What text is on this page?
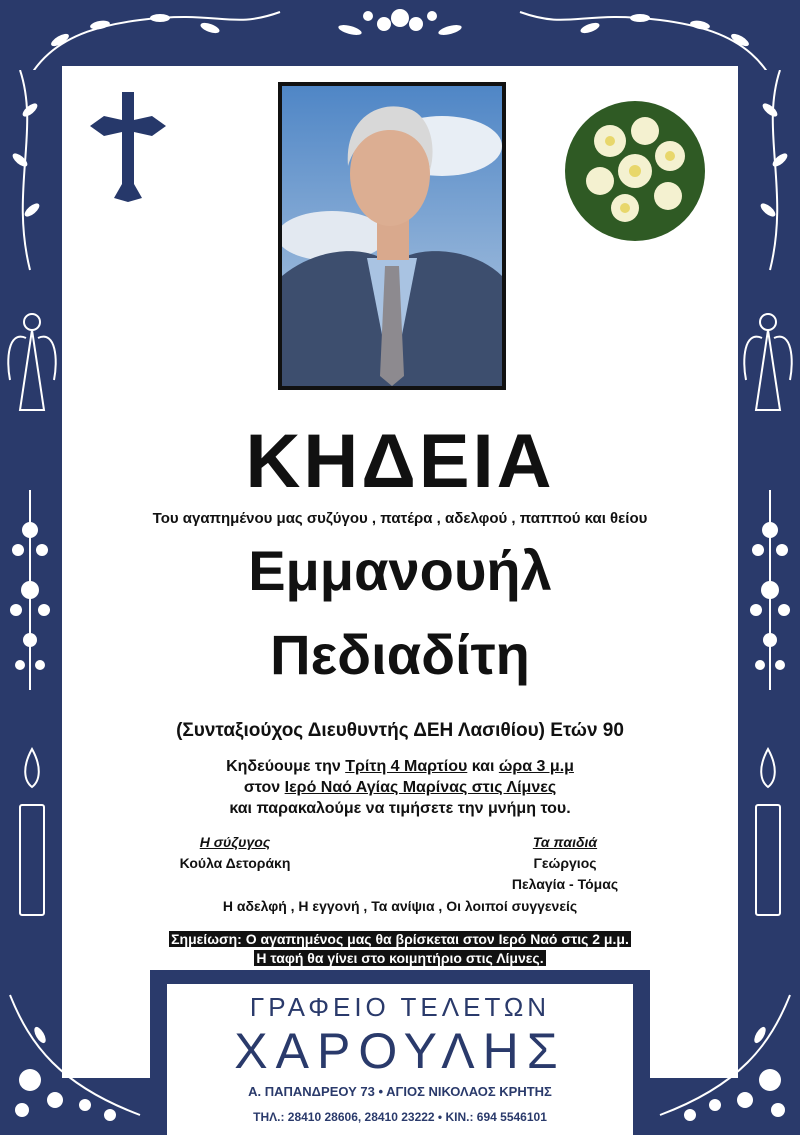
ΚΗΔΕΙΑ
Του αγαπημένου μας συζύγου , πατέρα , αδελφού , παππού και θείου
Εμμανουήλ
Πεδιαδίτη
(Συνταξιούχος Διευθυντής ΔΕΗ Λασιθίου) Ετών 90
Κηδεύουμε την Τρίτη 4 Μαρτίου και ώρα 3 μ.μ
στον Ιερό Ναό Αγίας Μαρίνας στις Λίμνες
και παρακαλούμε να τιμήσετε την μνήμη του.
Η σύζυγος
Κούλα Δετοράκη
Τα παιδιά
Γεώργιος
Πελαγία - Τόμας
Η αδελφή , Η εγγονή , Τα ανίψια , Οι λοιποί συγγενείς
Σημείωση: Ο αγαπημένος μας θα βρίσκεται στον Ιερό Ναό στις 2 μ.μ.
Η ταφή θα γίνει στο κοιμητήριο στις Λίμνες.
ΓΡΑΦΕΙΟ ΤΕΛΕΤΩΝ
ΧΑΡΟΥΛΗΣ
Α. ΠΑΠΑΝΔΡΕΟΥ 73 • ΑΓΙΟΣ ΝΙΚΟΛΑΟΣ ΚΡΗΤΗΣ
ΤΗΛ.: 28410 28606, 28410 23222 • ΚΙΝ.: 694 5546101
